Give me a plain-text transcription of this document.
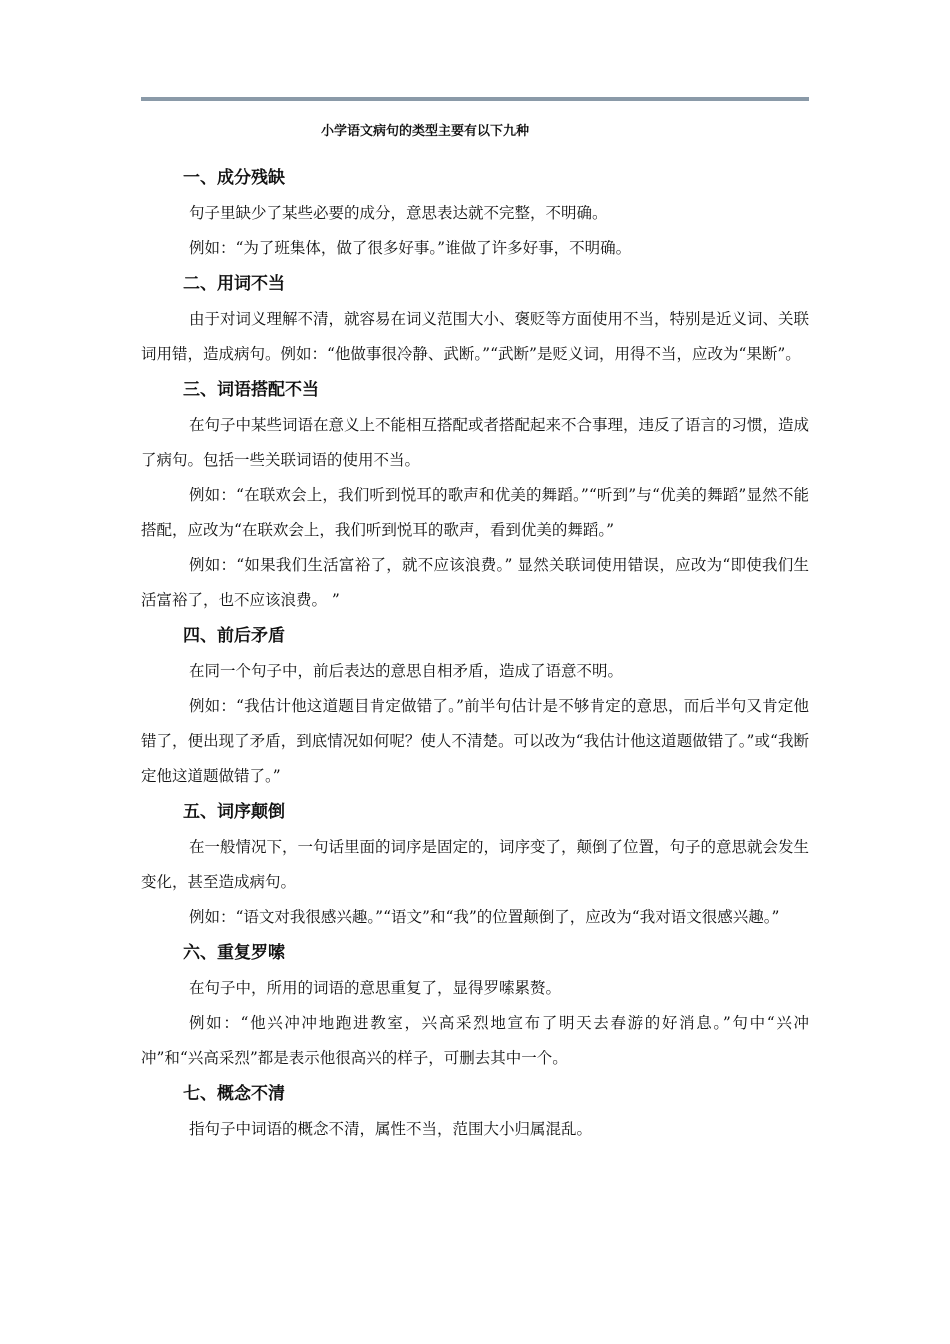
小学语文病句的类型主要有以下九种
一、成分残缺

句子里缺少了某些必要的成分，意思表达就不完整，不明确。

例如：“为了班集体，做了很多好事。”谁做了许多好事，不明确。

二、用词不当

由于对词义理解不清，就容易在词义范围大小、褒贬等方面使用不当，特别是近义词、关联词用错，造成病句。例如：“他做事很冷静、武断。”“武断”是贬义词，用得不当，应改为“果断”。

三、词语搭配不当

在句子中某些词语在意义上不能相互搭配或者搭配起来不合事理，违反了语言的习惯，造成了病句。包括一些关联词语的使用不当。

例如：“在联欢会上，我们听到悦耳的歌声和优美的舞蹈。”“听到”与“优美的舞蹈”显然不能搭配，应改为“在联欢会上，我们听到悦耳的歌声，看到优美的舞蹈。”

例如：“如果我们生活富裕了，就不应该浪费。” 显然关联词使用错误，应改为“即使我们生活富裕了，也不应该浪费。 ”

四、前后矛盾

在同一个句子中，前后表达的意思自相矛盾，造成了语意不明。

例如：“我估计他这道题目肯定做错了。”前半句估计是不够肯定的意思，而后半句又肯定他错了，便出现了矛盾，到底情况如何呢？使人不清楚。可以改为“我估计他这道题做错了。”或“我断定他这道题做错了。”

五、词序颠倒

在一般情况下，一句话里面的词序是固定的，词序变了，颠倒了位置，句子的意思就会发生变化，甚至造成病句。

例如：“语文对我很感兴趣。”“语文”和“我”的位置颠倒了，应改为“我对语文很感兴趣。”

六、重复罗嗦

在句子中，所用的词语的意思重复了，显得罗嗦累赘。

例如：“他兴冲冲地跑进教室，兴高采烈地宣布了明天去春游的好消息。”句中“兴冲冲”和“兴高采烈”都是表示他很高兴的样子，可删去其中一个。

七、概念不清

指句子中词语的概念不清，属性不当，范围大小归属混乱。
